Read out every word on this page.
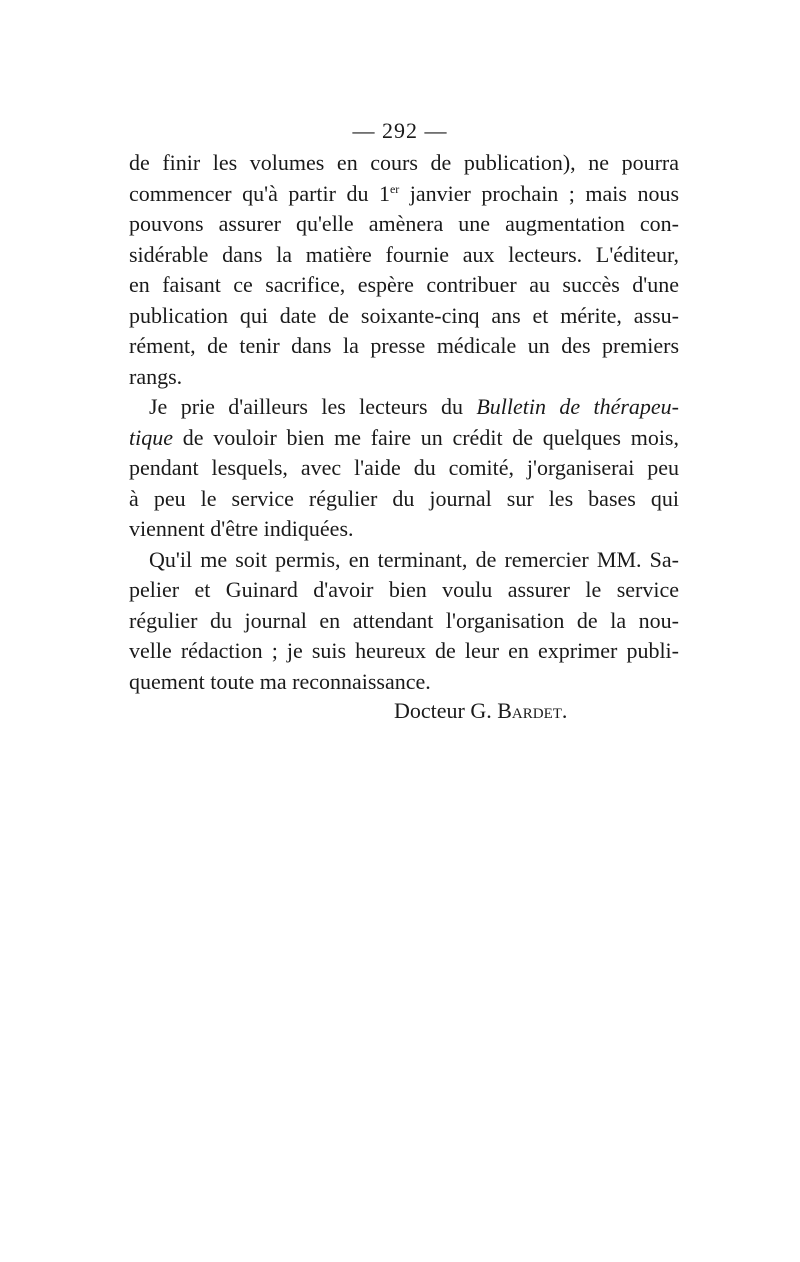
— 292 —
de finir les volumes en cours de publication), ne pourra
commencer qu'à partir du 1er janvier prochain ; mais nous
pouvons assurer qu'elle amènera une augmentation con-
sidérable dans la matière fournie aux lecteurs. L'éditeur,
en faisant ce sacrifice, espère contribuer au succès d'une
publication qui date de soixante-cinq ans et mérite, assu-
rément, de tenir dans la presse médicale un des premiers
rangs.
Je prie d'ailleurs les lecteurs du Bulletin de thérapeu-
tique de vouloir bien me faire un crédit de quelques mois,
pendant lesquels, avec l'aide du comité, j'organiserai peu
à peu le service régulier du journal sur les bases qui
viennent d'être indiquées.
Qu'il me soit permis, en terminant, de remercier MM. Sa-
pelier et Guinard d'avoir bien voulu assurer le service
régulier du journal en attendant l'organisation de la nou-
velle rédaction ; je suis heureux de leur en exprimer publi-
quement toute ma reconnaissance.
Docteur G. Bardet.
